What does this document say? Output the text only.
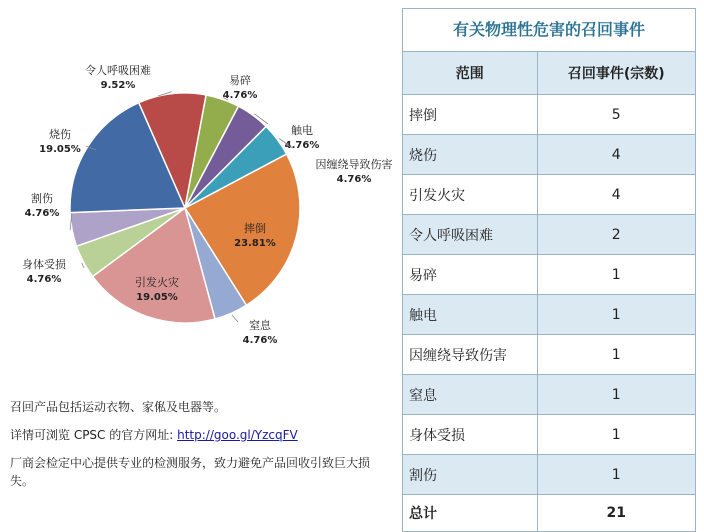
摔倒
23.81%
窒息
4.76%
引发火灾
19.05%
身体受损
4.76%
割伤
4.76%
烧伤
19.05%
令人呼吸困难
9.52%	易碎
4.76%
触电
4.76%
因缠绕导致伤害
4.76%

召回产品包括运动衣物、家俬及电器等。

详情可浏览 CPSC 的官方网址: http://goo.gl/YzcqFV

厂商会检定中心提供专业的检测服务，致力避免产品回收引致巨大损失。

有关物理性危害的召回事件
范围	召回事件(宗数)
摔倒	5
烧伤	4
引发火灾	4
令人呼吸困难	2
易碎	1
触电	1
因缠绕导致伤害	1
窒息	1
身体受损	1
割伤	1
总计	21
